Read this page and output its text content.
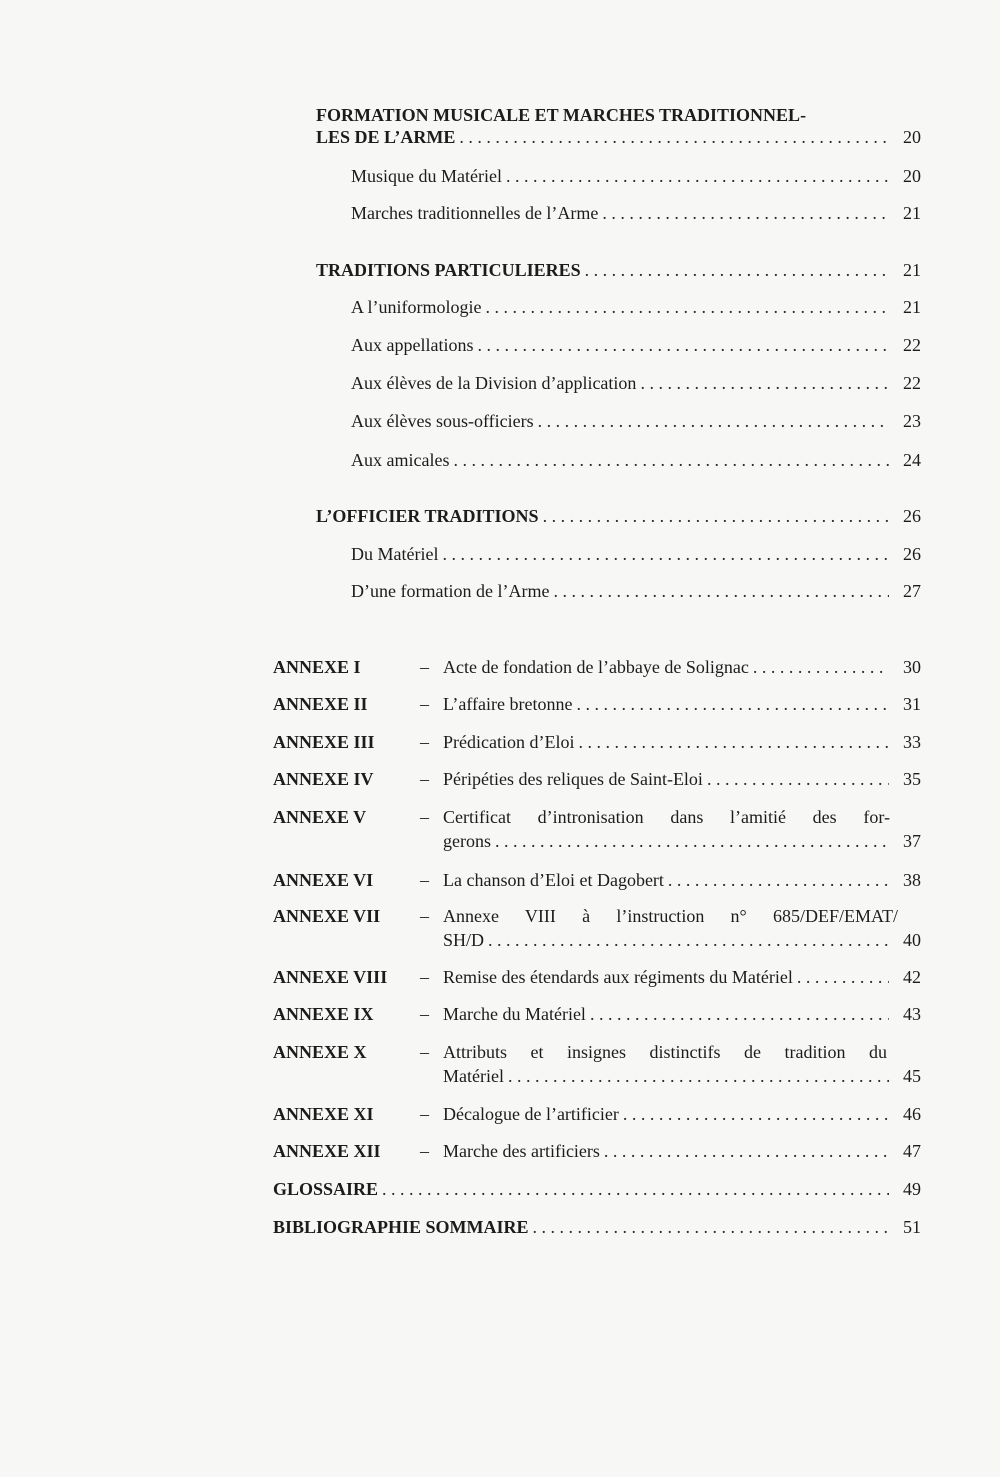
FORMATION MUSICALE ET MARCHES TRADITIONNEL-
LES DE L’ARME . . .	20
Musique du Matériel . . .	20
Marches traditionnelles de l’Arme . . .	21
TRADITIONS PARTICULIERES . . .	21
A l’uniformologie . . .	21
Aux appellations . . .	22
Aux élèves de la Division d’application . . .	22
Aux élèves sous-officiers . . .	23
Aux amicales . . .	24
L’OFFICIER TRADITIONS . . .	26
Du Matériel . . .	26
D’une formation de l’Arme . . .	27
ANNEXE I	– Acte de fondation de l’abbaye de Solignac . . .	30
ANNEXE II	– L’affaire bretonne . . .	31
ANNEXE III	– Prédication d’Eloi . . .	33
ANNEXE IV	– Péripéties des reliques de Saint-Eloi . . .	35
ANNEXE V	– Certificat d’intronisation dans l’amitié des for-
gerons . . .	37
ANNEXE VI	– La chanson d’Eloi et Dagobert . . .	38
ANNEXE VII – Annexe VIII à l’instruction n° 685/DEF/EMAT/
SH/D . . .	40
ANNEXE VIII – Remise des étendards aux régiments du Matériel . . .	42
ANNEXE IX	– Marche du Matériel . . .	43
ANNEXE X	– Attributs et insignes distinctifs de tradition du
Matériel . . .	45
ANNEXE XI	– Décalogue de l’artificier . . .	46
ANNEXE XII – Marche des artificiers . . .	47
GLOSSAIRE . . .	49
BIBLIOGRAPHIE SOMMAIRE . . .	51
